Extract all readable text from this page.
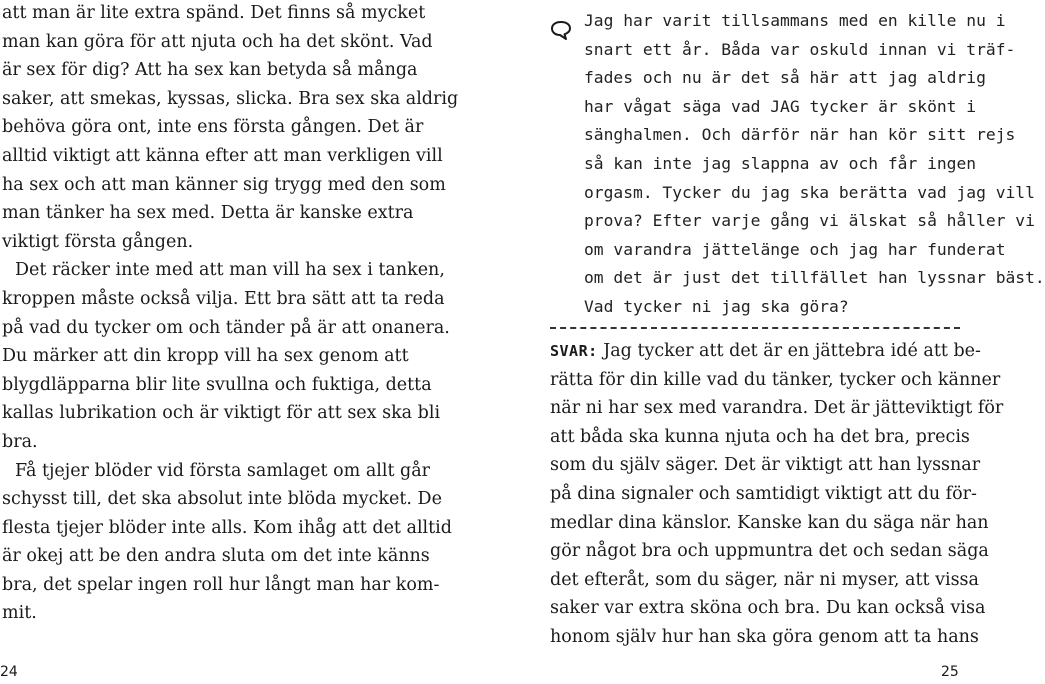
att man är lite extra spänd. Det finns så mycket
man kan göra för att njuta och ha det skönt. Vad
är sex för dig? Att ha sex kan betyda så många
saker, att smekas, kyssas, slicka. Bra sex ska aldrig
behöva göra ont, inte ens första gången. Det är
alltid viktigt att känna efter att man verkligen vill
ha sex och att man känner sig trygg med den som
man tänker ha sex med. Detta är kanske extra
viktigt första gången.
Det räcker inte med att man vill ha sex i tanken,
kroppen måste också vilja. Ett bra sätt att ta reda
på vad du tycker om och tänder på är att onanera.
Du märker att din kropp vill ha sex genom att
blygdläpparna blir lite svullna och fuktiga, detta
kallas lubrikation och är viktigt för att sex ska bli
bra.
Få tjejer blöder vid första samlaget om allt går
schysst till, det ska absolut inte blöda mycket. De
flesta tjejer blöder inte alls. Kom ihåg att det alltid
är okej att be den andra sluta om det inte känns
bra, det spelar ingen roll hur långt man har kom-
mit.
24
Jag har varit tillsammans med en kille nu i
snart ett år. Båda var oskuld innan vi träf-
fades och nu är det så här att jag aldrig
har vågat säga vad JAG tycker är skönt i
sänghalmen. Och därför när han kör sitt rejs
så kan inte jag slappna av och får ingen
orgasm. Tycker du jag ska berätta vad jag vill
prova? Efter varje gång vi älskat så håller vi
om varandra jättelänge och jag har funderat
om det är just det tillfället han lyssnar bäst.
Vad tycker ni jag ska göra?
SVAR: Jag tycker att det är en jättebra idé att be-
rätta för din kille vad du tänker, tycker och känner
när ni har sex med varandra. Det är jätteviktigt för
att båda ska kunna njuta och ha det bra, precis
som du själv säger. Det är viktigt att han lyssnar
på dina signaler och samtidigt viktigt att du för-
medlar dina känslor. Kanske kan du säga när han
gör något bra och uppmuntra det och sedan säga
det efteråt, som du säger, när ni myser, att vissa
saker var extra sköna och bra. Du kan också visa
honom själv hur han ska göra genom att ta hans
25
